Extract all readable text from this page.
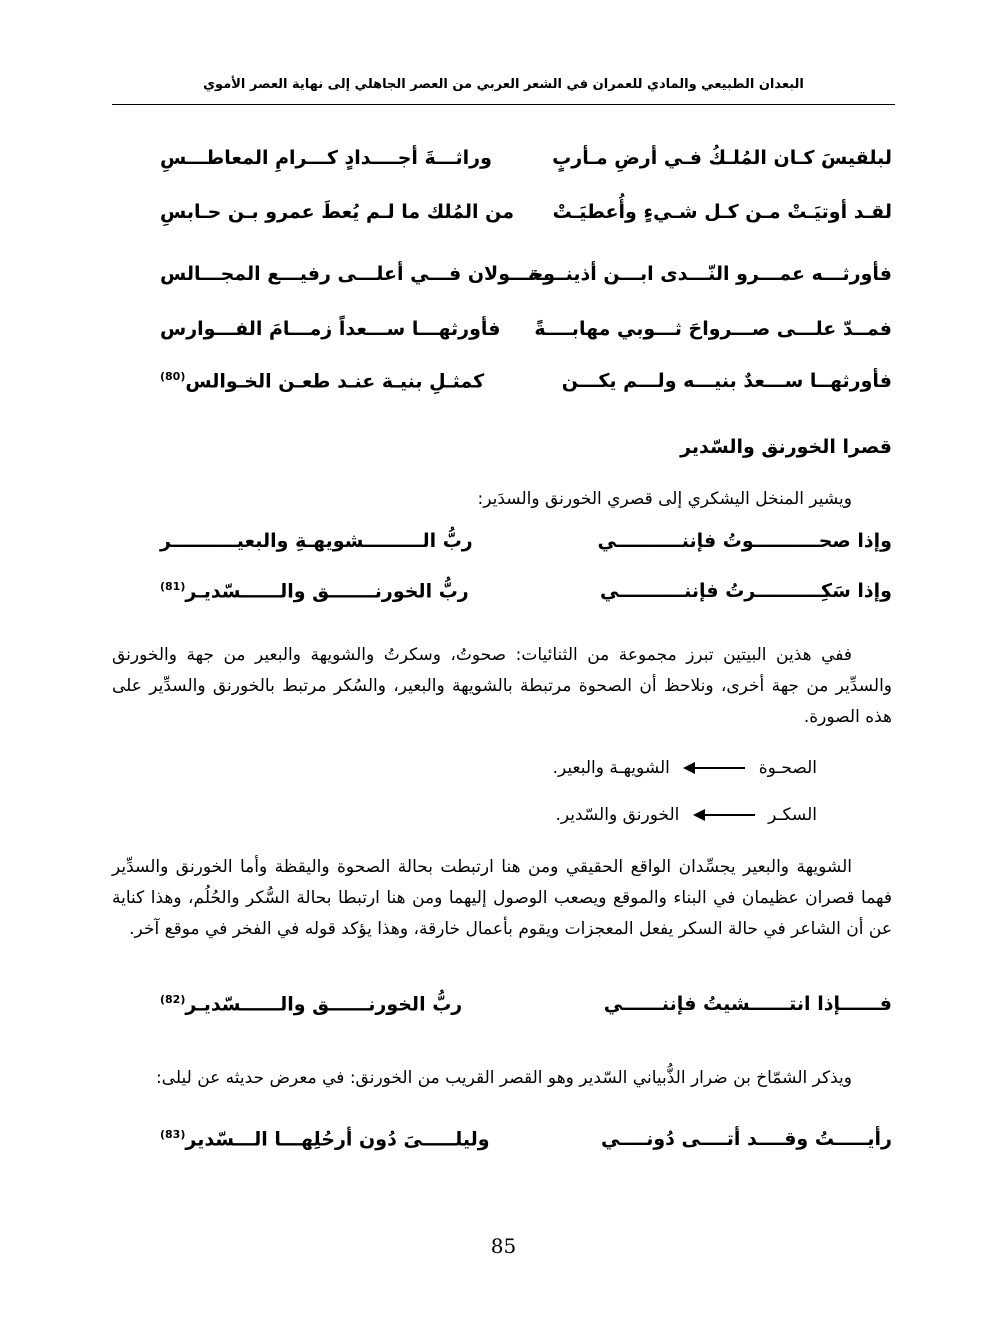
البعدان الطبيعي والمادي للعمران في الشعر العربي من العصر الجاهلي إلى نهاية العصر الأموي
لبلقيسَ كـان المُلـكُ فـي أرضِ مـأربٍ
وراثـــةَ أجــــدادٍ كـــرامِ المعاطـــسِ
لقـد أوتيَـتْ مـن كـل شـيءٍ وأُعطيَـتْ
من المُلك ما لـم يُعطَ عمرو بـن حـابسِ
فأورثـــه عمـــرو النّـــدى ابـــن أذينــــة
وخـــولان فـــي أعلـــى رفيـــع المجـــالس
فمــدّ علـــى صـــرواحَ ثـــوبي مهابــــةً
فأورثهـــا ســـعداً زمـــامَ الفـــوارس
فأورثهــا ســـعدٌ بنيـــه ولـــم يكـــن
كمثـلِ بنيـة عنـد طعـن الخـوالس$^{(80)}$
قصرا الخورنق والسّدير

ويشير المنخل اليشكري إلى قصري الخورنق والسدَير:

وإذا صحــــــــــوتُ فإننــــــــــي
ربُّ الـــــــــشويهـةِ والبعيــــــــــر
وإذا سَكِــــــــــرتُ فإننــــــــــي
ربُّ الخورنـــــــق والــــــسّديـر$^{(81)}$

ففي هذين البيتين تبرز مجموعة من الثنائيات: صحوتُ، وسكرتُ والشويهة والبعير من جهة والخورنق والسدِّير من جهة أخرى، ونلاحظ أن الصحوة مرتبطة بالشويهة والبعير، والسُكر مرتبط بالخورنق والسدِّير على هذه الصورة.

الصحـوة  الشويهـة والبعير.
السكـر  الخورنق والسّدير.

الشويهة والبعير يجسِّدان الواقع الحقيقي ومن هنا ارتبطت بحالة الصحوة واليقظة وأما الخورنق والسدِّير فهما قصران عظيمان في البناء والموقع ويصعب الوصول إليهما ومن هنا ارتبطا بحالة السُّكر والحُلُم، وهذا كناية عن أن الشاعر في حالة السكر يفعل المعجزات ويقوم بأعمال خارقة، وهذا يؤكد قوله في الفخر في موقع آخر.

فــــــإذا انتــــــشيتُ فإننــــــي
ربُّ الخورنــــــق والــــــسّديـر$^{(82)}$

ويذكر الشمّاخ بن ضرار الذُّبياني السّدير وهو القصر القريب من الخورنق: في معرض حديثه عن ليلى:

رأيـــــتُ وقــــد أتــــى دُونــــي
وليلـــــىَ دُون أرحُلِهـــا الـــسّدير$^{(83)}$
85
